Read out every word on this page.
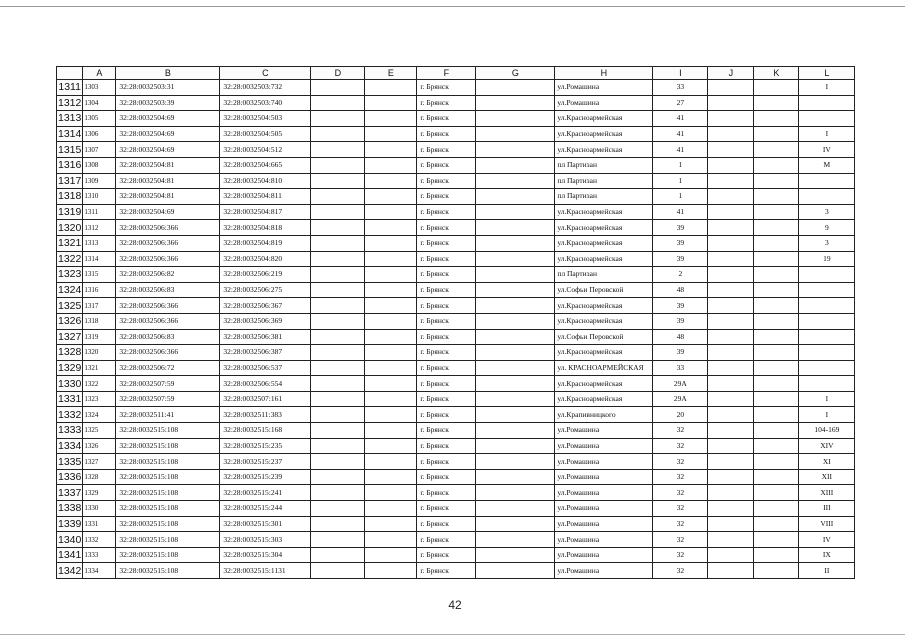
	A	B	C	D	E	F	G	H	I	J	K	L
1311	1303	32:28:0032503:31	32:28:0032503:732			г. Брянск		ул.Ромашина	33			I
1312	1304	32:28:0032503:39	32:28:0032503:740			г. Брянск		ул.Ромашина	27			
1313	1305	32:28:0032504:69	32:28:0032504:503			г. Брянск		ул.Красноармейская	41			
1314	1306	32:28:0032504:69	32:28:0032504:505			г. Брянск		ул.Красноармейская	41			I
1315	1307	32:28:0032504:69	32:28:0032504:512			г. Брянск		ул.Красноармейская	41			IV
1316	1308	32:28:0032504:81	32:28:0032504:665			г. Брянск		пл Партизан	1			М
1317	1309	32:28:0032504:81	32:28:0032504:810			г. Брянск		пл Партизан	1			
1318	1310	32:28:0032504:81	32:28:0032504:811			г. Брянск		пл Партизан	1			
1319	1311	32:28:0032504:69	32:28:0032504:817			г. Брянск		ул.Красноармейская	41			3
1320	1312	32:28:0032506:366	32:28:0032504:818			г. Брянск		ул.Красноармейская	39			9
1321	1313	32:28:0032506:366	32:28:0032504:819			г. Брянск		ул.Красноармейская	39			3
1322	1314	32:28:0032506:366	32:28:0032504:820			г. Брянск		ул.Красноармейская	39			19
1323	1315	32:28:0032506:82	32:28:0032506:219			г. Брянск		пл Партизан	2			
1324	1316	32:28:0032506:83	32:28:0032506:275			г. Брянск		ул.Софьи Перовской	48			
1325	1317	32:28:0032506:366	32:28:0032506:367			г. Брянск		ул.Красноармейская	39			
1326	1318	32:28:0032506:366	32:28:0032506:369			г. Брянск		ул.Красноармейская	39			
1327	1319	32:28:0032506:83	32:28:0032506:381			г. Брянск		ул.Софьи Перовской	48			
1328	1320	32:28:0032506:366	32:28:0032506:387			г. Брянск		ул.Красноармейская	39			
1329	1321	32:28:0032506:72	32:28:0032506:537			г. Брянск		ул. КРАСНОАРМЕЙСКАЯ	33			
1330	1322	32:28:0032507:59	32:28:0032506:554			г. Брянск		ул.Красноармейская	29А			
1331	1323	32:28:0032507:59	32:28:0032507:161			г. Брянск		ул.Красноармейская	29А			I
1332	1324	32:28:0032511:41	32:28:0032511:383			г. Брянск		ул.Крапивницкого	20			I
1333	1325	32:28:0032515:108	32:28:0032515:168			г. Брянск		ул.Ромашина	32			104-169
1334	1326	32:28:0032515:108	32:28:0032515:235			г. Брянск		ул.Ромашина	32			XIV
1335	1327	32:28:0032515:108	32:28:0032515:237			г. Брянск		ул.Ромашина	32			XI
1336	1328	32:28:0032515:108	32:28:0032515:239			г. Брянск		ул.Ромашина	32			XII
1337	1329	32:28:0032515:108	32:28:0032515:241			г. Брянск		ул.Ромашина	32			XIII
1338	1330	32:28:0032515:108	32:28:0032515:244			г. Брянск		ул.Ромашина	32			III
1339	1331	32:28:0032515:108	32:28:0032515:301			г. Брянск		ул.Ромашина	32			VIII
1340	1332	32:28:0032515:108	32:28:0032515:303			г. Брянск		ул.Ромашина	32			IV
1341	1333	32:28:0032515:108	32:28:0032515:304			г. Брянск		ул.Ромашина	32			IX
1342	1334	32:28:0032515:108	32:28:0032515:1131			г. Брянск		ул.Ромашина	32			II
42
